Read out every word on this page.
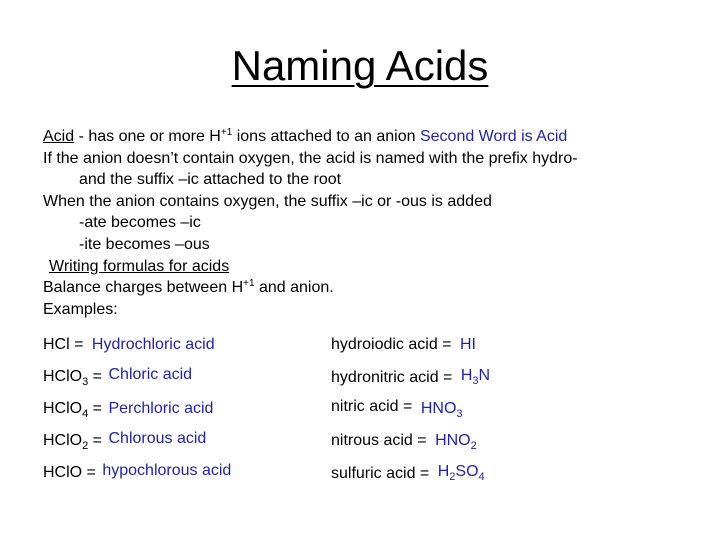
Naming Acids
Acid - has one or more $H^{+1}$ ions attached to an anion Second Word is Acid
If the anion doesn’t contain oxygen, the acid is named with the prefix hydro-
and the suffix –ic attached to the root
When the anion contains oxygen, the suffix –ic or -ous is added
-ate becomes –ic
-ite becomes –ous
Writing formulas for acids
Balance charges between $H^{+1}$ and anion.
Examples:
HCl = Hydrochloric acid
HClO$_3$ = Chloric acid
HClO$_4$ = Perchloric acid
HClO$_2$ = Chlorous acid
HClO = hypochlorous acid
hydroiodic acid = HI
hydronitric acid = $H_3N$
nitric acid = $HNO_3$
nitrous acid = $HNO_2$
sulfuric acid = $H_2SO_4$
